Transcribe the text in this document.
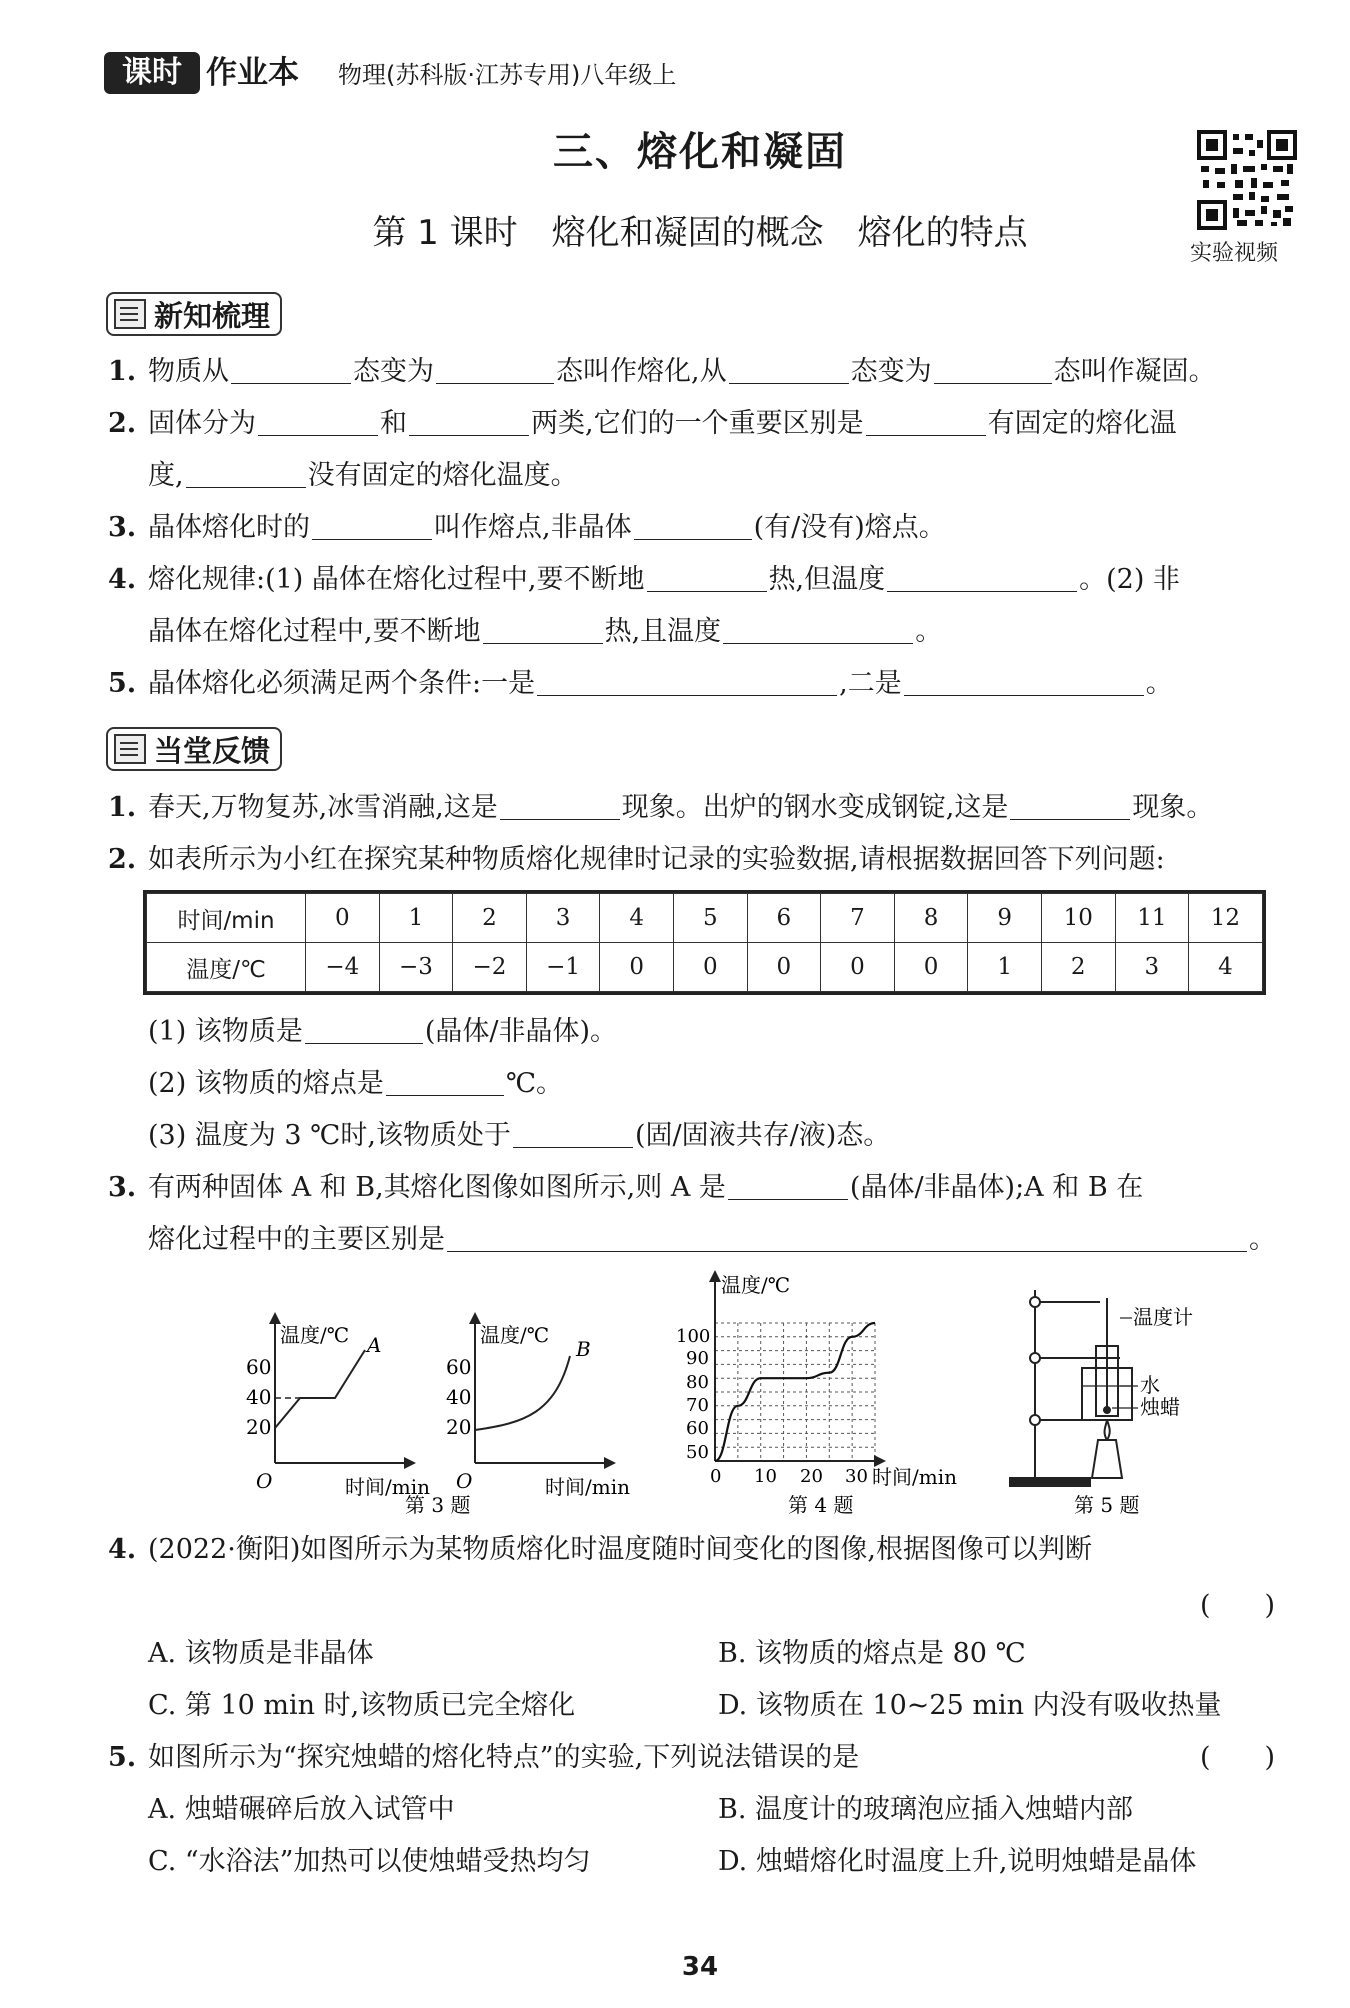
课时 作业本 物理(苏科版·江苏专用)八年级上
三、熔化和凝固
第 1 课时　熔化和凝固的概念　熔化的特点
实验视频
新知梳理
1. 物质从	态变为	态叫作熔化,从	态变为	态叫作凝固。
2. 固体分为	和	两类,它们的一个重要区别是	有固定的熔化温
度,	没有固定的熔化温度。
3. 晶体熔化时的	叫作熔点,非晶体	(有/没有)熔点。
4. 熔化规律:(1) 晶体在熔化过程中,要不断地	热,但温度	。(2) 非
晶体在熔化过程中,要不断地	热,且温度	。
5. 晶体熔化必须满足两个条件:一是	,二是	。
当堂反馈
1. 春天,万物复苏,冰雪消融,这是	现象。出炉的钢水变成钢锭,这是	现象。
2. 如表所示为小红在探究某种物质熔化规律时记录的实验数据,请根据数据回答下列问题:
时间/min	0	1	2	3	4	5	6	7	8	9	10	11	12
温度/℃	−4	−3	−2	−1	0	0	0	0	0	1	2	3	4
(1) 该物质是	(晶体/非晶体)。
(2) 该物质的熔点是	℃。
(3) 温度为 3 ℃时,该物质处于	(固/固液共存/液)态。
3. 有两种固体 A 和 B,其熔化图像如图所示,则 A 是	(晶体/非晶体);A 和 B 在
熔化过程中的主要区别是	。
温度/℃
时间/min
O
60
40
20
A	温度/℃
时间/min
O
60
40
20
B
第 3 题
温度/℃
时间/min
100
90
80
70
60
50
0 10 20 30
第 4 题
温度计
水
烛蜡
第 5 题
4. (2022·衡阳)如图所示为某物质熔化时温度随时间变化的图像,根据图像可以判断
(　　)
A. 该物质是非晶体	B. 该物质的熔点是 80 ℃
C. 第 10 min 时,该物质已完全熔化	D. 该物质在 10~25 min 内没有吸收热量
5. 如图所示为“探究烛蜡的熔化特点”的实验,下列说法错误的是	(　　)
A. 烛蜡碾碎后放入试管中	B. 温度计的玻璃泡应插入烛蜡内部
C. “水浴法”加热可以使烛蜡受热均匀	D. 烛蜡熔化时温度上升,说明烛蜡是晶体
34
